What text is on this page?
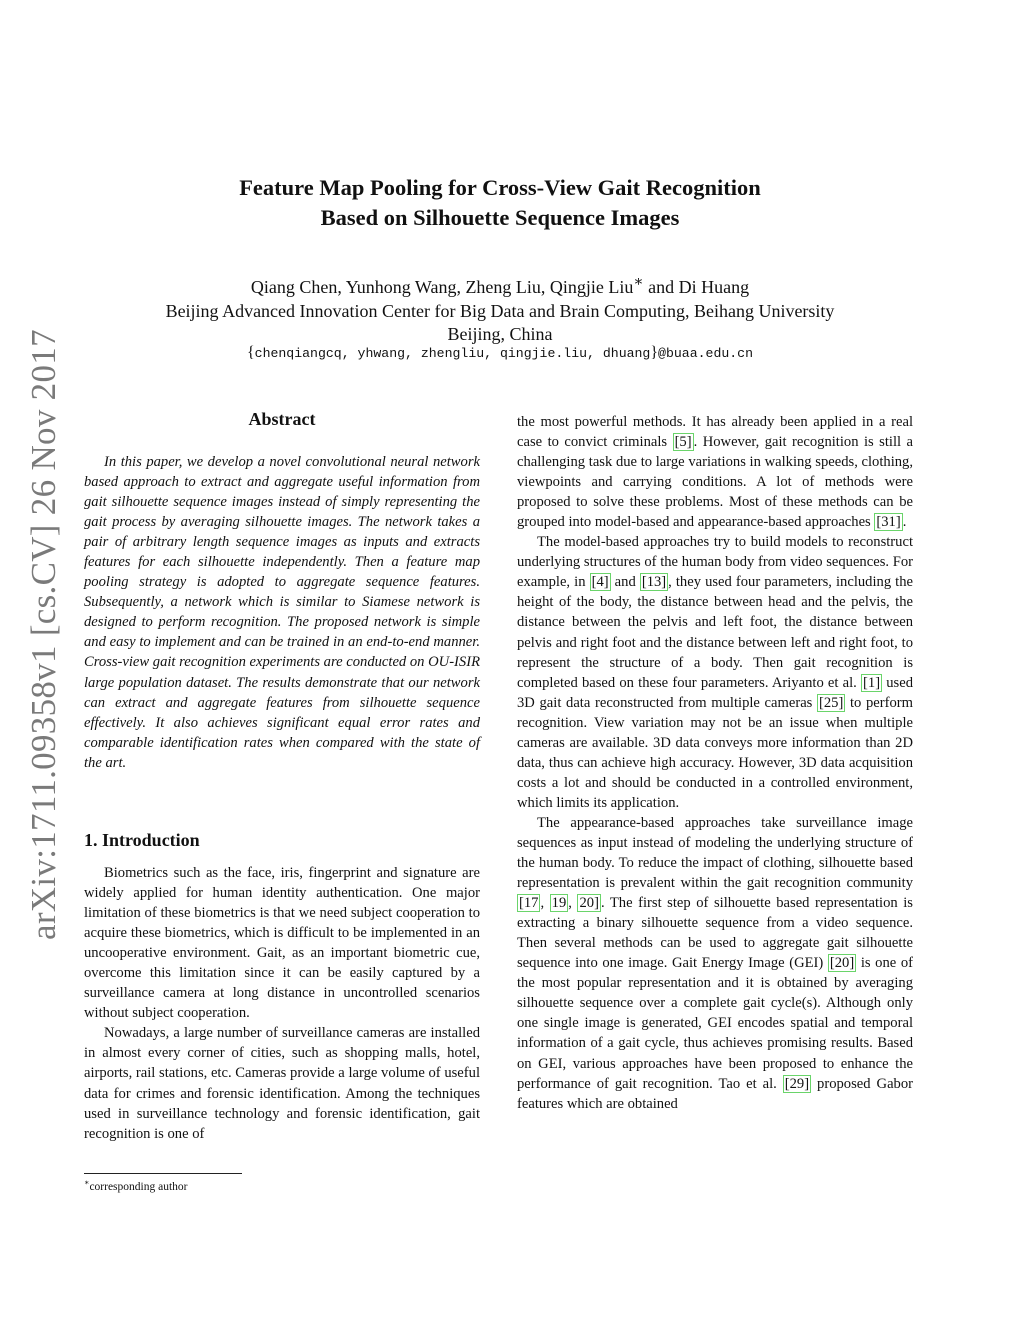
arXiv:1711.09358v1 [cs.CV] 26 Nov 2017
Feature Map Pooling for Cross-View Gait Recognition
Based on Silhouette Sequence Images
Qiang Chen, Yunhong Wang, Zheng Liu, Qingjie Liu∗ and Di Huang
Beijing Advanced Innovation Center for Big Data and Brain Computing, Beihang University
Beijing, China
{chenqiangcq, yhwang, zhengliu, qingjie.liu, dhuang}@buaa.edu.cn
Abstract

In this paper, we develop a novel convolutional neural network based approach to extract and aggregate useful information from gait silhouette sequence images instead of simply representing the gait process by averaging silhouette images. The network takes a pair of arbitrary length sequence images as inputs and extracts features for each silhouette independently. Then a feature map pooling strategy is adopted to aggregate sequence features. Subsequently, a network which is similar to Siamese network is designed to perform recognition. The proposed network is simple and easy to implement and can be trained in an end-to-end manner. Cross-view gait recognition experiments are conducted on OU-ISIR large population dataset. The results demonstrate that our network can extract and aggregate features from silhouette sequence effectively. It also achieves significant equal error rates and comparable identification rates when compared with the state of the art.

1. Introduction

Biometrics such as the face, iris, fingerprint and signature are widely applied for human identity authentication. One major limitation of these biometrics is that we need subject cooperation to acquire these biometrics, which is difficult to be implemented in an uncooperative environment. Gait, as an important biometric cue, overcome this limitation since it can be easily captured by a surveillance camera at long distance in uncontrolled scenarios without subject cooperation.

Nowadays, a large number of surveillance cameras are installed in almost every corner of cities, such as shopping malls, hotel, airports, rail stations, etc. Cameras provide a large volume of useful data for crimes and forensic identification. Among the techniques used in surveillance technology and forensic identification, gait recognition is one of

the most powerful methods. It has already been applied in a real case to convict criminals [5] . However, gait recognition is still a challenging task due to large variations in walking speeds, clothing, viewpoints and carrying conditions. A lot of methods were proposed to solve these problems. Most of these methods can be grouped into model-based and appearance-based approaches [31] .

The model-based approaches try to build models to reconstruct underlying structures of the human body from video sequences. For example, in [4] and [13] , they used four parameters, including the height of the body, the distance between head and the pelvis, the distance between the pelvis and left foot, the distance between pelvis and right foot and the distance between left and right foot, to represent the structure of a body. Then gait recognition is completed based on these four parameters. Ariyanto et al. [1] used 3D gait data reconstructed from multiple cameras [25] to perform recognition. View variation may not be an issue when multiple cameras are available. 3D data conveys more information than 2D data, thus can achieve high accuracy. However, 3D data acquisition costs a lot and should be conducted in a controlled environment, which limits its application.

The appearance-based approaches take surveillance image sequences as input instead of modeling the underlying structure of the human body. To reduce the impact of clothing, silhouette based representation is prevalent within the gait recognition community [17 , 19 , 20] . The first step of silhouette based representation is extracting a binary silhouette sequence from a video sequence. Then several methods can be used to aggregate gait silhouette sequence into one image. Gait Energy Image (GEI) [20] is one of the most popular representation and it is obtained by averaging silhouette sequence over a complete gait cycle(s). Although only one single image is generated, GEI encodes spatial and temporal information of a gait cycle, thus achieves promising results. Based on GEI, various approaches have been proposed to enhance the performance of gait recognition. Tao et al. [29] proposed Gabor features which are obtained

∗corresponding author
